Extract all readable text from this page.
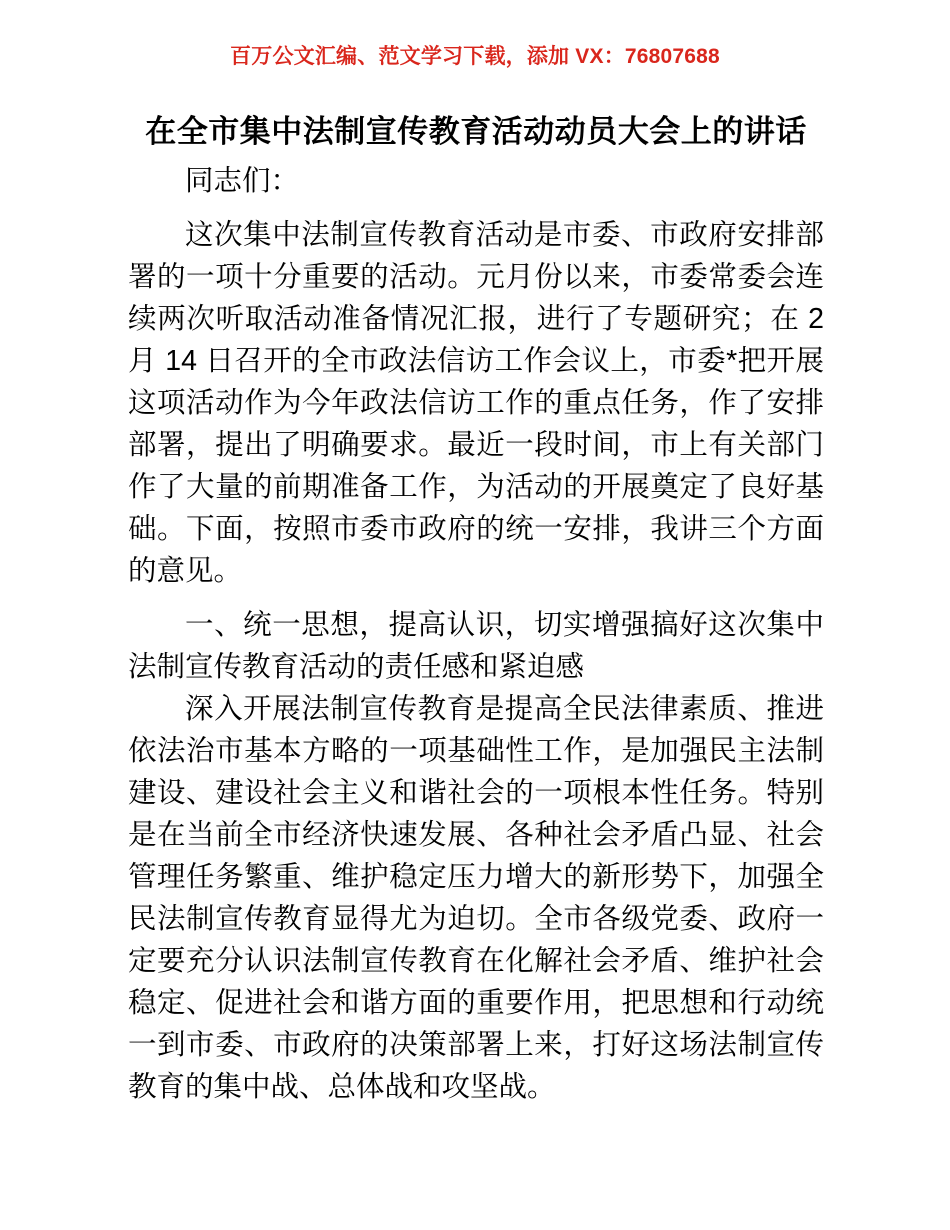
百万公文汇编、范文学习下载，添加 VX：76807688
在全市集中法制宣传教育活动动员大会上的讲话

同志们：

这次集中法制宣传教育活动是市委、市政府安排部署的一项十分重要的活动。元月份以来，市委常委会连续两次听取活动准备情况汇报，进行了专题研究；在 2 月 14 日召开的全市政法信访工作会议上，市委*把开展这项活动作为今年政法信访工作的重点任务，作了安排部署，提出了明确要求。最近一段时间，市上有关部门作了大量的前期准备工作，为活动的开展奠定了良好基础。下面，按照市委市政府的统一安排，我讲三个方面的意见。

一、统一思想，提高认识，切实增强搞好这次集中法制宣传教育活动的责任感和紧迫感

深入开展法制宣传教育是提高全民法律素质、推进依法治市基本方略的一项基础性工作，是加强民主法制建设、建设社会主义和谐社会的一项根本性任务。特别是在当前全市经济快速发展、各种社会矛盾凸显、社会管理任务繁重、维护稳定压力增大的新形势下，加强全民法制宣传教育显得尤为迫切。全市各级党委、政府一定要充分认识法制宣传教育在化解社会矛盾、维护社会稳定、促进社会和谐方面的重要作用，把思想和行动统一到市委、市政府的决策部署上来，打好这场法制宣传教育的集中战、总体战和攻坚战。
